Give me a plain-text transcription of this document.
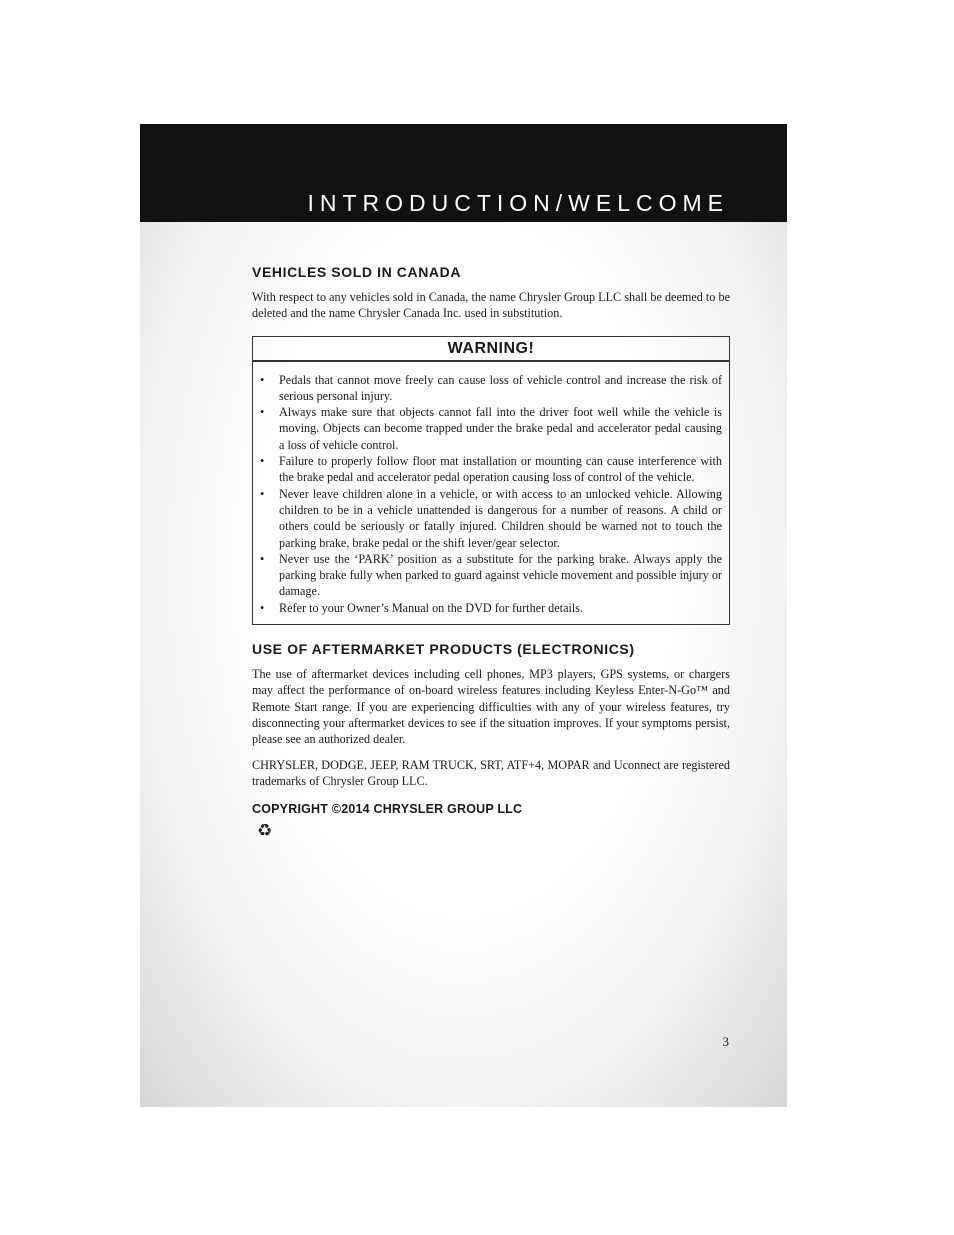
INTRODUCTION/WELCOME
VEHICLES SOLD IN CANADA

With respect to any vehicles sold in Canada, the name Chrysler Group LLC shall be deemed to be deleted and the name Chrysler Canada Inc. used in substitution.

WARNING!
• Pedals that cannot move freely can cause loss of vehicle control and increase the risk of serious personal injury.
• Always make sure that objects cannot fall into the driver foot well while the vehicle is moving. Objects can become trapped under the brake pedal and accelerator pedal causing a loss of vehicle control.
• Failure to properly follow floor mat installation or mounting can cause interference with the brake pedal and accelerator pedal operation causing loss of control of the vehicle.
• Never leave children alone in a vehicle, or with access to an unlocked vehicle. Allowing children to be in a vehicle unattended is dangerous for a number of reasons. A child or others could be seriously or fatally injured. Children should be warned not to touch the parking brake, brake pedal or the shift lever/gear selector.
• Never use the ‘PARK’ position as a substitute for the parking brake. Always apply the parking brake fully when parked to guard against vehicle movement and possible injury or damage.
• Refer to your Owner’s Manual on the DVD for further details.
USE OF AFTERMARKET PRODUCTS (ELECTRONICS)

The use of aftermarket devices including cell phones, MP3 players, GPS systems, or chargers may affect the performance of on-board wireless features including Keyless Enter-N-Go™ and Remote Start range. If you are experiencing difficulties with any of your wireless features, try disconnecting your aftermarket devices to see if the situation improves. If your symptoms persist, please see an authorized dealer.

CHRYSLER, DODGE, JEEP, RAM TRUCK, SRT, ATF+4, MOPAR and Uconnect are registered trademarks of Chrysler Group LLC.

COPYRIGHT ©2014 CHRYSLER GROUP LLC
♻
3
